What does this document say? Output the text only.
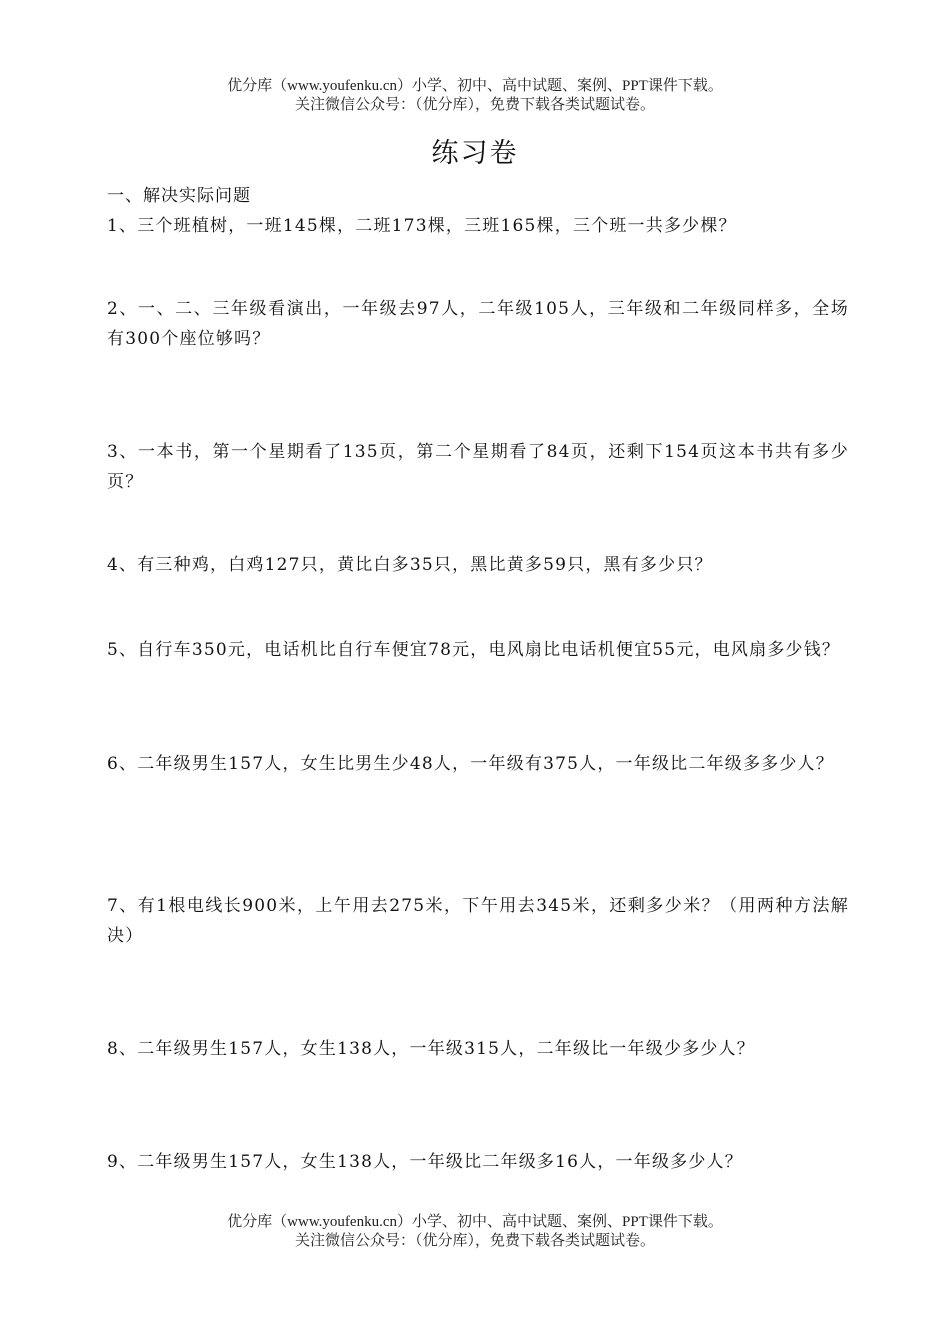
优分库（www.youfenku.cn）小学、初中、高中试题、案例、PPT课件下载。
关注微信公众号：（优分库），免费下载各类试题试卷。
练习卷
一、解决实际问题
1、三个班植树，一班145棵，二班173棵，三班165棵，三个班一共多少棵？
2、一、二、三年级看演出，一年级去97人，二年级105人，三年级和二年级同样多，全场有300个座位够吗？
3、一本书，第一个星期看了135页，第二个星期看了84页，还剩下154页这本书共有多少页？
4、有三种鸡，白鸡127只，黄比白多35只，黑比黄多59只，黑有多少只？
5、自行车350元，电话机比自行车便宜78元，电风扇比电话机便宜55元，电风扇多少钱？
6、二年级男生157人，女生比男生少48人，一年级有375人，一年级比二年级多多少人？
7、有1根电线长900米，上午用去275米，下午用去345米，还剩多少米？（用两种方法解决）
8、二年级男生157人，女生138人，一年级315人，二年级比一年级少多少人？
9、二年级男生157人，女生138人，一年级比二年级多16人，一年级多少人？
优分库（www.youfenku.cn）小学、初中、高中试题、案例、PPT课件下载。
关注微信公众号：（优分库），免费下载各类试题试卷。
